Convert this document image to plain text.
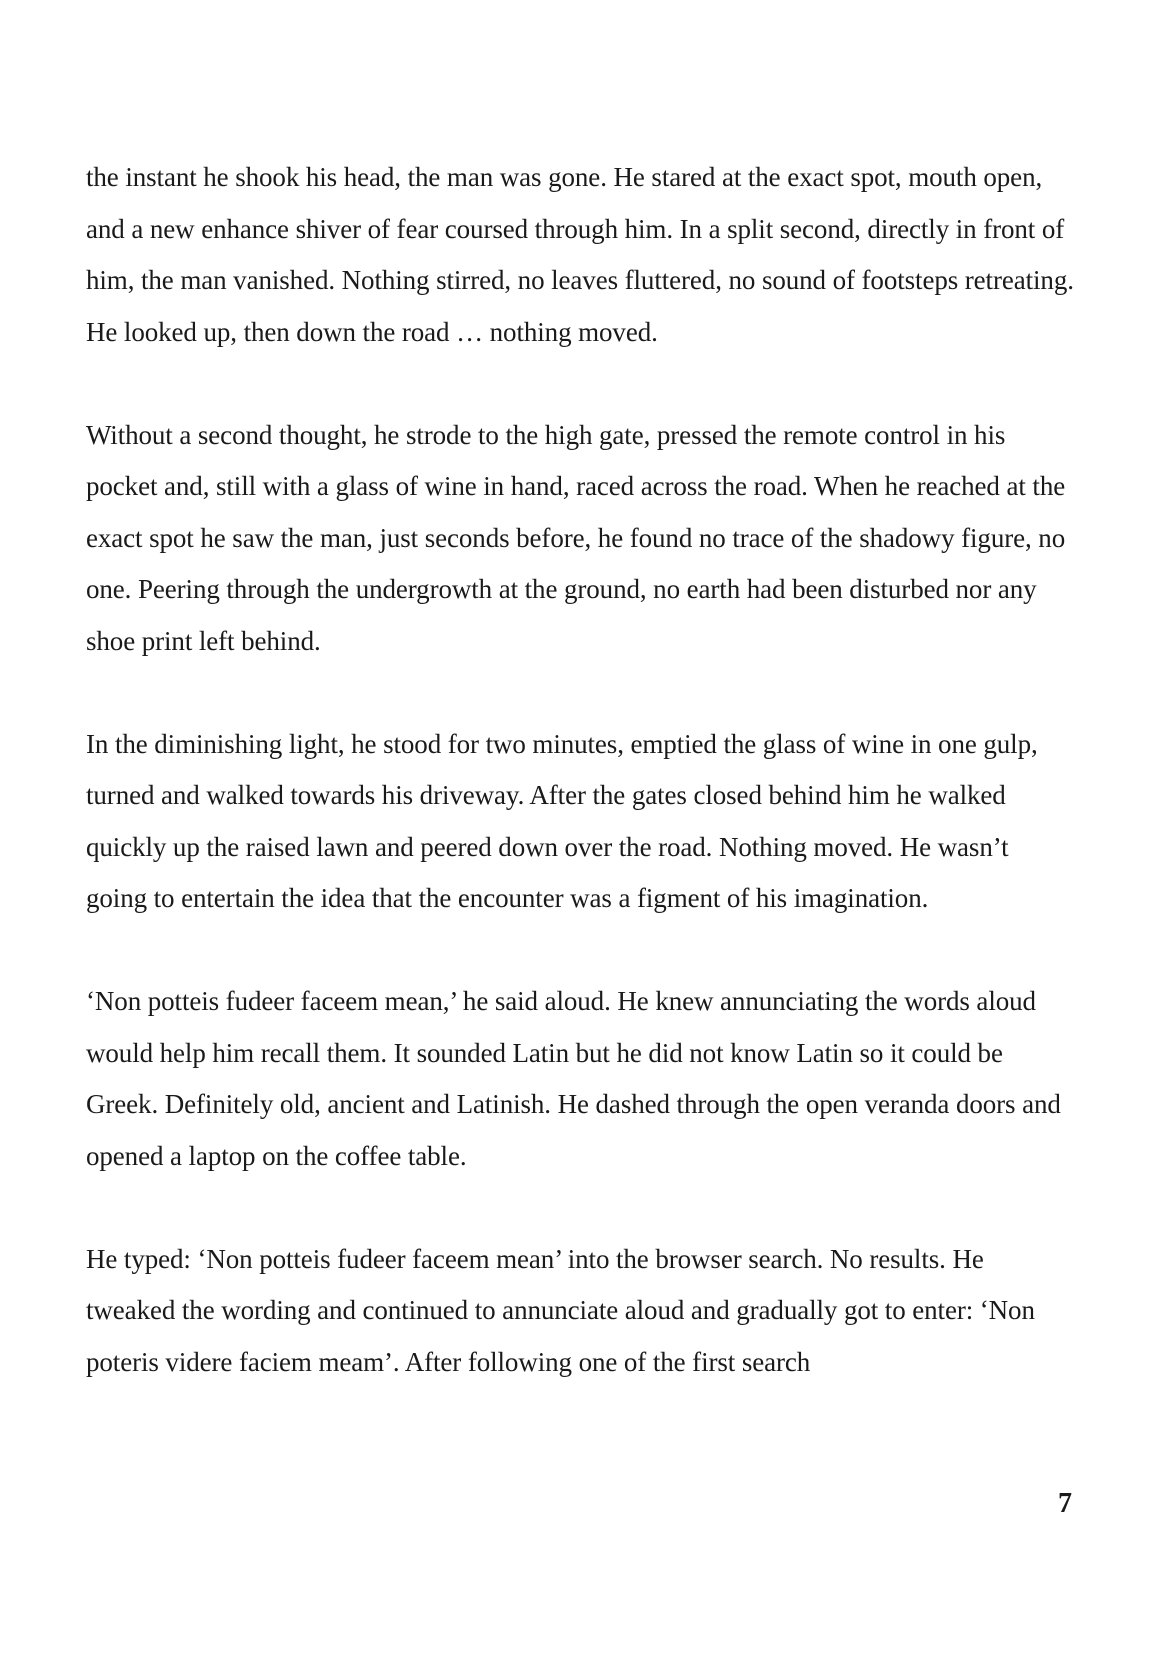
the instant he shook his head, the man was gone. He stared at the exact spot, mouth open, and a new enhance shiver of fear coursed through him. In a split second, directly in front of him, the man vanished. Nothing stirred, no leaves fluttered, no sound of footsteps retreating. He looked up, then down the road … nothing moved.

Without a second thought, he strode to the high gate, pressed the remote control in his pocket and, still with a glass of wine in hand, raced across the road. When he reached at the exact spot he saw the man, just seconds before, he found no trace of the shadowy figure, no one. Peering through the undergrowth at the ground, no earth had been disturbed nor any shoe print left behind.

In the diminishing light, he stood for two minutes, emptied the glass of wine in one gulp, turned and walked towards his driveway. After the gates closed behind him he walked quickly up the raised lawn and peered down over the road. Nothing moved. He wasn’t going to entertain the idea that the encounter was a figment of his imagination.

‘Non potteis fudeer faceem mean,’ he said aloud. He knew annunciating the words aloud would help him recall them. It sounded Latin but he did not know Latin so it could be Greek. Definitely old, ancient and Latinish. He dashed through the open veranda doors and opened a laptop on the coffee table.

He typed: ‘Non potteis fudeer faceem mean’ into the browser search. No results. He tweaked the wording and continued to annunciate aloud and gradually got to enter: ‘Non poteris videre faciem meam’. After following one of the first search

7
